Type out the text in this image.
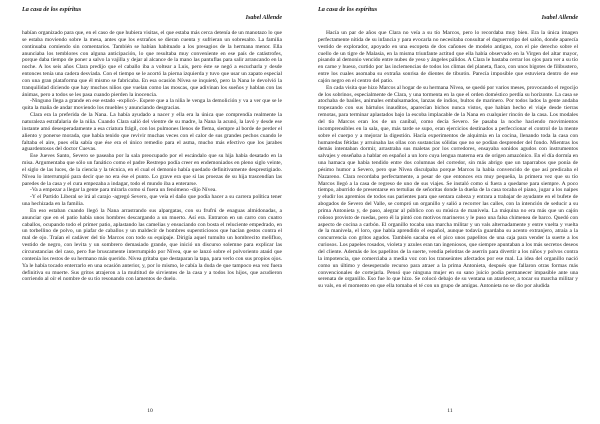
La casa de los espíritus
Isabel Allende

habían organizado para que, en el caso de que hubiera visitas, el que estaba más cerca detenía de un manotazo lo que se estaba moviendo sobre la mesa, antes que los extraños se dieran cuenta y sufrieran un sobresalto. La familia continuaba comiendo sin comentarios. También se habían habituado a los presagios de la hermana menor. Ella anunciaba los temblores con alguna anticipación, lo que resultaba muy conveniente en ese país de catástrofes, porque daba tiempo de poner a salvo la vajilla y dejar al alcance de la mano las pantuflas para salir arrancando en la noche. A los seis años Clara predijo que el caballo iba a voltear a Luis, pero éste se negó a escucharla y desde entonces tenía una cadera desviada. Con el tiempo se le acortó la pierna izquierda y tuvo que usar un zapato especial con una gran plataforma que él mismo se fabricaba. En esa ocasión Nívea se inquietó, pero la Nana le devolvió la tranquilidad diciendo que hay muchos niños que vuelan como las moscas, que adivinan los sueños y hablan con las ánimas, pero a todos se les pasa cuando pierden la inocencia.

-Ninguno llega a grande en ese estado -explicó-. Espere que a la niña le venga la demolición y va a ver que se le quita la maña de andar moviendo los muebles y anunciando desgracias.

Clara era la preferida de la Nana. La había ayudado a nacer y ella era la única que comprendía realmente la naturaleza estrafalaria de la niña. Cuando Clara salió del vientre de su madre, la Nana la acunó, la lavó y desde ese instante amó desesperadamente a esa criatura frágil, con los pulmones llenos de flema, siempre al borde de perder el aliento y ponerse morada, que había tenido que revivir muchas veces con el calor de sus grandes pechos cuando le faltaba el aire, pues ella sabía que ése era el único remedio para el asma, mucho más efectivo que los jarabes aguardentosos del doctor Cuevas.

Ese Jueves Santo, Severo se paseaba por la sala preocupado por el escándalo que su hija había desatado en la misa. Argumentaba que sólo un fanático como el padre Restrepo podía creer en endemoniados en pleno siglo veinte, el siglo de las luces, de la ciencia y la técnica, en el cual el demonio había quedado definitivamente desprestigiado. Nívea lo interrumpió para decir que no era ése el punto. Lo grave era que si las proezas de su hija trascendían las paredes de la casa y el cura empezaba a indagar, todo el mundo iba a enterarse.

-Va a empezar a llegar la gente para mirarla como si fuera un fenómeno -dijo Nívea.

-Y el Partido Liberal se irá al carajo -agregó Severo, que veía el daño que podía hacer a su carrera política tener una hechizada en la familia.

En eso estaban cuando llegó la Nana arrastrando sus alpargatas, con su frufrú de enaguas almidonadas, a anunciar que en el patio había unos hombres descargando a un muerto. Así era. Entraron en un carro con cuatro caballos, ocupando todo el primer patio, aplastando las camelias y ensuciando con bosta el reluciente empedrado, en un torbellino de polvo, un piafar de caballos y un maldecir de hombres supersticiosos que hacían gestos contra el mal de ojo. Traían el cadáver del tío Marcos con todo su equipaje. Dirigía aquel tumulto un hombrecito melifluo, vestido de negro, con levita y un sombrero demasiado grande, que inició un discurso solemne para explicar las circunstancias del caso, pero fue bruscamente interrumpido por Nívea, que se lanzó sobre el polvoriento ataúd que contenía los restos de su hermano más querido. Nívea gritaba que destaparan la tapa, para verlo con sus propios ojos. Ya le había tocado enterrarlo en una ocasión anterior, y, por lo mismo, le cabía la duda de que tampoco esa vez fuera definitiva su muerte. Sus gritos atrajeron a la multitud de sirvientes de la casa y a todos los hijos, que acudieron corriendo al oír el nombre de su tío resonando con lamentos de duelo.

10
La casa de los espíritus
Isabel Allende

Hacía un par de años que Clara no veía a su tío Marcos, pero lo recordaba muy bien. Era la única imagen perfectamente nítida de su infancia y para evocarla no necesitaba consultar el daguerrotipo del salón, donde aparecía vestido de explorador, apoyado en una escopeta de dos cañones de modelo antiguo, con el pie derecho sobre el cuello de un tigre de Malasia, en la misma triunfante actitud que ella había observado en la Virgen del altar mayor, pisando al demonio vencido entre nubes de yeso y ángeles pálidos. A Clara le bastaba cerrar los ojos para ver a su tío en carne y hueso, curtido por las inclemencias de todos los climas del planeta, flaco, con unos bigotes de filibustero, entre los cuales asomaba su extraña sonrisa de dientes de tiburón. Parecía imposible que estuviera dentro de ese cajón negro en el centro del patio.

En cada visita que hizo Marcos al hogar de su hermana Nívea, se quedó por varios meses, provocando el regocijo de los sobrinos, especialmente de Clara, y una tormenta en la que el orden doméstico perdía su horizonte. La casa se atochaba de baúles, animales embalsamados, lanzas de indios, bultos de marinero. Por todos lados la gente andaba tropezando con sus bártulos inauditos, aparecían bichos nunca vistos, que habían hecho el viaje desde tierras remotas, para terminar aplastados bajo la escoba implacable de la Nana en cualquier rincón de la casa. Los modales del tío Marcos eran los de un caníbal, como decía Severo. Se pasaba la noche haciendo movimientos incomprensibles en la sala, que, más tarde se supo, eran ejercicios destinados a perfeccionar el control de la mente sobre el cuerpo y a mejorar la digestión. Hacía experimentos de alquimia en la cocina, llenando toda la casa con humaredas fétidas y arruinaba las ollas con sustancias sólidas que no se podían desprender del fondo. Mientras los demás intentaban dormir, arrastraba sus maletas por los corredores, ensayaba sonidos agudos con instrumentos salvajes y enseñaba a hablar en español a un loro cuya lengua materna era de origen amazónico. En el día dormía en una hamaca que había tendido entre dos columnas del corredor, sin más abrigo que un taparrabos que ponía de pésimo humor a Severo, pero que Nívea disculpaba porque Marcos la había convencido de que así predicaba el Nazareno. Clara recordaba perfectamente, a pesar de que entonces era muy pequeña, la primera vez que su tío Marcos llegó a la casa de regreso de uno de sus viajes. Se instaló como si fuera a quedarse para siempre. A poco tiempo, aburrido de presentarse en tertulias de señoritas donde la dueña de la casa tocaba el piano, jugar a los naipes y eludir los apremios de todos sus parientes para que sentara cabeza y entrara a trabajar de ayudante en el bufete de abogados de Severo del Valle, se compró un organillo y salió a recorrer las calles, con la intención de seducir a su prima Antonieta y, de paso, alegrar al público con su música de manivela. La máquina no era más que un cajón roñoso provisto de ruedas, pero él la pintó con motivos marineros y le puso una falsa chimenea de barco. Quedó con aspecto de cocina a carbón. El organillo tocaba una marcha militar y un vals alternadamente y entre vuelta y vuelta de la manivela, el loro, que había aprendido el español, aunque todavía guardaba su acento extranjero, atraía a la concurrencia con gritos agudos. También sacaba en el pico unos papelitos de una caja para vender la suerte a los curiosos. Los papeles rosados, violeta y azules eran tan ingeniosos, que siempre apuntaban a los más secretos deseos del cliente. Además de los papelitos de la suerte, vendía pelotitas de aserrín para divertir a los niños y polvos contra la impotencia, que comerciaba a media voz con los transeúntes afectados por ese mal. La idea del organillo nació como un último y desesperado recurso para atraer a la prima Antonieta, después que fallaron otras formas más convencionales de cortejarla. Pensó que ninguna mujer en su sano juicio podía permanecer impasible ante una serenata de organillo. Eso fue lo que hizo. Se colocó debajo de su ventana un atardecer, a tocar su marcha militar y su vals, en el momento en que ella tomaba el té con un grupo de amigas. Antonieta no se dio por aludida

11
